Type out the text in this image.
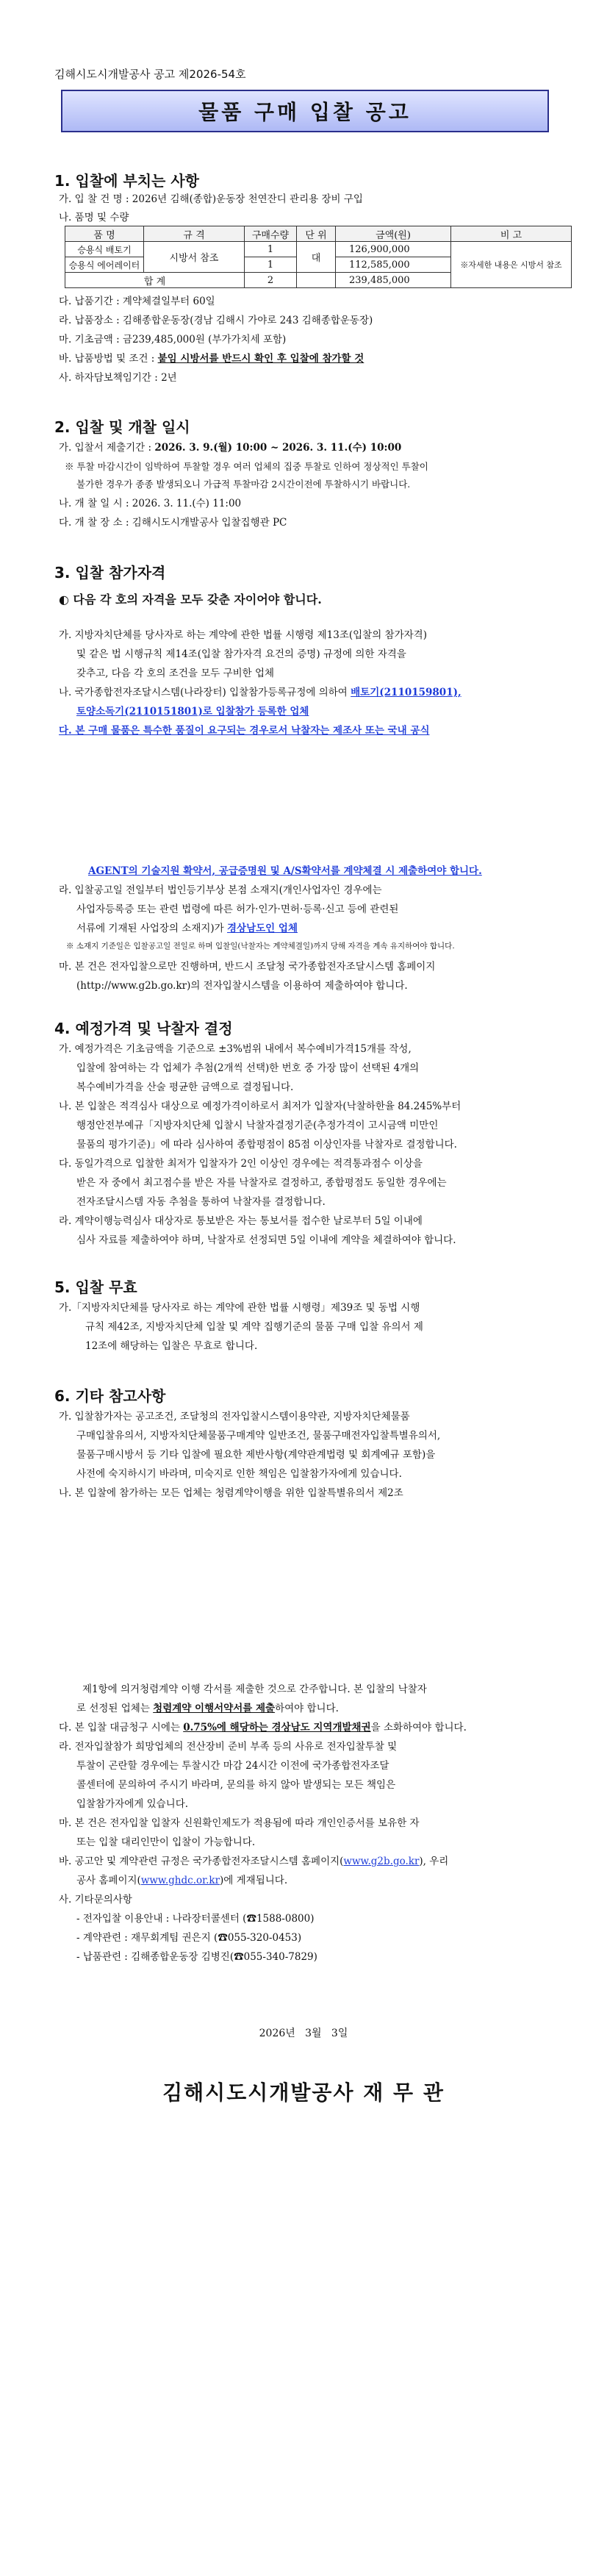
김해시도시개발공사 공고 제2026-54호
물품 구매 입찰 공고
1. 입찰에 부치는 사항
가. 입 찰 건 명 : 2026년 김해(종합)운동장 천연잔디 관리용 장비 구입
나. 품명 및 수량
품 명	규 격	구매수량	단 위	금액(원)	비 고
승용식 배토기	시방서 참조	1	대	126,900,000	※자세한 내용은 시방서 참조
승용식 에어레이터		1		112,585,000	
합 계		2		239,485,000	
다. 납품기간 : 계약체결일부터 60일
라. 납품장소 : 김해종합운동장(경남 김해시 가야로 243 김해종합운동장)
마. 기초금액 : 금239,485,000원 (부가가치세 포함)
바. 납품방법 및 조건 : 붙임 시방서를 반드시 확인 후 입찰에 참가할 것
사. 하자담보책임기간 : 2년
2. 입찰 및 개찰 일시
가. 입찰서 제출기간 : 2026. 3. 9.(월) 10:00 ~ 2026. 3. 11.(수) 10:00
※ 투찰 마감시간이 임박하여 투찰할 경우 여러 업체의 집중 투찰로 인하여 정상적인 투찰이
불가한 경우가 종종 발생되오니 가급적 투찰마감 2시간이전에 투찰하시기 바랍니다.
나. 개 찰 일 시 : 2026. 3. 11.(수) 11:00
다. 개 찰 장 소 : 김해시도시개발공사 입찰집행관 PC
3. 입찰 참가자격
◐ 다음 각 호의 자격을 모두 갖춘 자이어야 합니다.
가. 지방자치단체를 당사자로 하는 계약에 관한 법률 시행령 제13조(입찰의 참가자격)
및 같은 법 시행규칙 제14조(입찰 참가자격 요건의 증명) 규정에 의한 자격을
갖추고, 다음 각 호의 조건을 모두 구비한 업체
나. 국가종합전자조달시스템(나라장터) 입찰참가등록규정에 의하여 배토기(2110159801),
토양소독기(2110151801)로 입찰참가 등록한 업체
다. 본 구매 물품은 특수한 품질이 요구되는 경우로서 낙찰자는 제조사 또는 국내 공식
AGENT의 기술지원 확약서, 공급증명원 및 A/S확약서를 계약체결 시 제출하여야 합니다.
라. 입찰공고일 전일부터 법인등기부상 본점 소재지(개인사업자인 경우에는
사업자등록증 또는 관련 법령에 따른 허가·인가·면허·등록·신고 등에 관련된
서류에 기재된 사업장의 소재지)가 경상남도인 업체
※ 소재지 기준일은 입찰공고일 전일로 하며 입찰일(낙찰자는 계약체결일)까지 당해 자격을 계속 유지하여야 합니다.
마. 본 건은 전자입찰으로만 진행하며, 반드시 조달청 국가종합전자조달시스템 홈페이지
(http://www.g2b.go.kr)의 전자입찰시스템을 이용하여 제출하여야 합니다.
4. 예정가격 및 낙찰자 결정
가. 예정가격은 기초금액을 기준으로 ±3%범위 내에서 복수예비가격15개를 작성,
입찰에 참여하는 각 업체가 추첨(2개씩 선택)한 번호 중 가장 많이 선택된 4개의
복수예비가격을 산술 평균한 금액으로 결정됩니다.
나. 본 입찰은 적격심사 대상으로 예정가격이하로서 최저가 입찰자(낙찰하한율 84.245%부터
행정안전부예규「지방자치단체 입찰시 낙찰자결정기준(추정가격이 고시금액 미만인
물품의 평가기준)」에 따라 심사하여 종합평점이 85점 이상인자를 낙찰자로 결정합니다.
다. 동일가격으로 입찰한 최저가 입찰자가 2인 이상인 경우에는 적격통과점수 이상을
받은 자 중에서 최고점수를 받은 자를 낙찰자로 결정하고, 종합평점도 동일한 경우에는
전자조달시스템 자동 추첨을 통하여 낙찰자를 결정합니다.
라. 계약이행능력심사 대상자로 통보받은 자는 통보서를 접수한 날로부터 5일 이내에
심사 자료를 제출하여야 하며, 낙찰자로 선정되면 5일 이내에 계약을 체결하여야 합니다.
5. 입찰 무효
가.「지방자치단체를 당사자로 하는 계약에 관한 법률 시행령」제39조 및 동법 시행
규칙 제42조, 지방자치단체 입찰 및 계약 집행기준의 물품 구매 입찰 유의서 제
12조에 해당하는 입찰은 무효로 합니다.
6. 기타 참고사항
가. 입찰참가자는 공고조건, 조달청의 전자입찰시스템이용약관, 지방자치단체물품
구매입찰유의서, 지방자치단체물품구매계약 일반조건, 물품구매전자입찰특별유의서,
물품구매시방서 등 기타 입찰에 필요한 제반사항(계약관계법령 및 회계예규 포함)을
사전에 숙지하시기 바라며, 미숙지로 인한 책임은 입찰참가자에게 있습니다.
나. 본 입찰에 참가하는 모든 업체는 청렴계약이행을 위한 입찰특별유의서 제2조
제1항에 의거청렴계약 이행 각서를 제출한 것으로 간주합니다. 본 입찰의 낙찰자
로 선정된 업체는 청렴계약 이행서약서를 제출하여야 합니다.
다. 본 입찰 대금청구 시에는 0.75%에 해당하는 경상남도 지역개발채권을 소화하여야 합니다.
라. 전자입찰참가 희망업체의 전산장비 준비 부족 등의 사유로 전자입찰투찰 및
투찰이 곤란할 경우에는 투찰시간 마감 24시간 이전에 국가종합전자조달
콜센터에 문의하여 주시기 바라며, 문의를 하지 않아 발생되는 모든 책임은
입찰참가자에게 있습니다.
마. 본 건은 전자입찰 입찰자 신원확인제도가 적용됨에 따라 개인인증서를 보유한 자
또는 입찰 대리인만이 입찰이 가능합니다.
바. 공고안 및 계약관련 규정은 국가종합전자조달시스템 홈페이지(www.g2b.go.kr), 우리
공사 홈페이지(www.ghdc.or.kr)에 게재됩니다.
사. 기타문의사항
- 전자입찰 이용안내 : 나라장터콜센터 (☎1588-0800)
- 계약관련 : 재무회계팀 권은지 (☎055-320-0453)
- 납품관련 : 김해종합운동장 김병진(☎055-340-7829)
2026년   3월   3일
김해시도시개발공사 재 무 관
